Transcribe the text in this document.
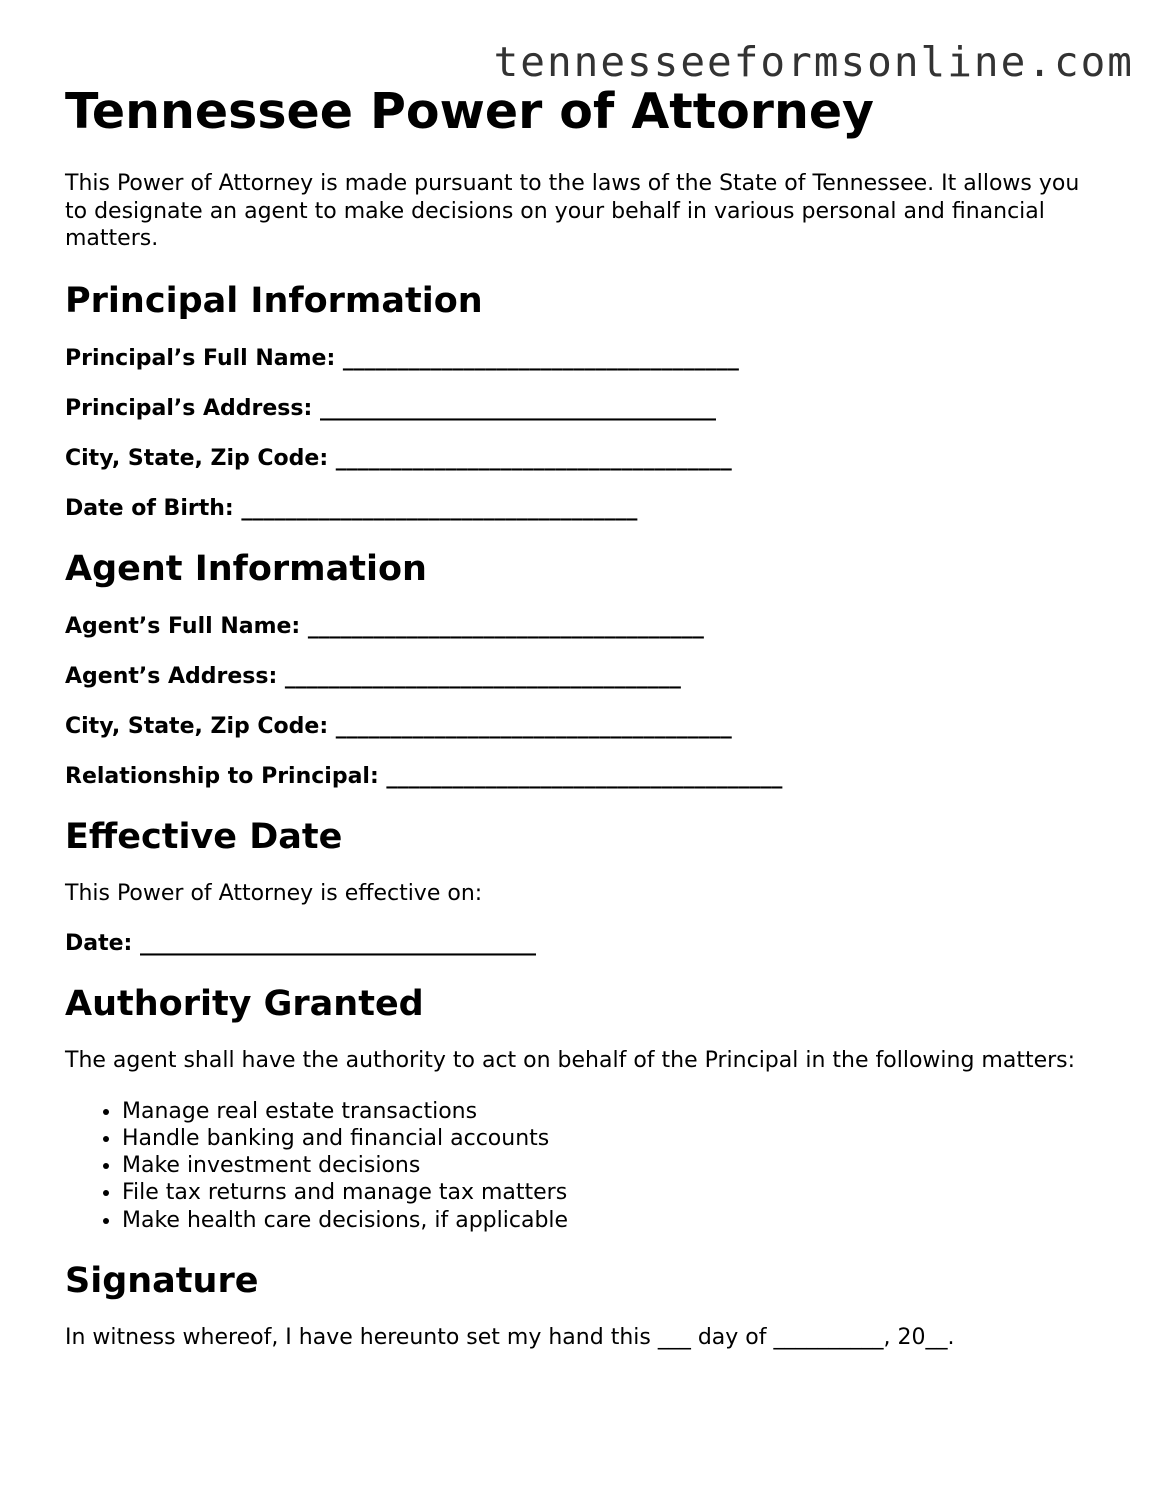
tennesseeformsonline.com
Tennessee Power of Attorney

This Power of Attorney is made pursuant to the laws of the State of Tennessee. It allows you to designate an agent to make decisions on your behalf in various personal and financial matters.

Principal Information

Principal’s Full Name: ____________________________________

Principal’s Address: ____________________________________

City, State, Zip Code: ____________________________________

Date of Birth: ____________________________________

Agent Information

Agent’s Full Name: ____________________________________

Agent’s Address: ____________________________________

City, State, Zip Code: ____________________________________

Relationship to Principal: ____________________________________

Effective Date

This Power of Attorney is effective on:

Date: ____________________________________

Authority Granted

The agent shall have the authority to act on behalf of the Principal in the following matters:

• Manage real estate transactions
• Handle banking and financial accounts
• Make investment decisions
• File tax returns and manage tax matters
• Make health care decisions, if applicable
Signature

In witness whereof, I have hereunto set my hand this ___ day of __________, 20__.
